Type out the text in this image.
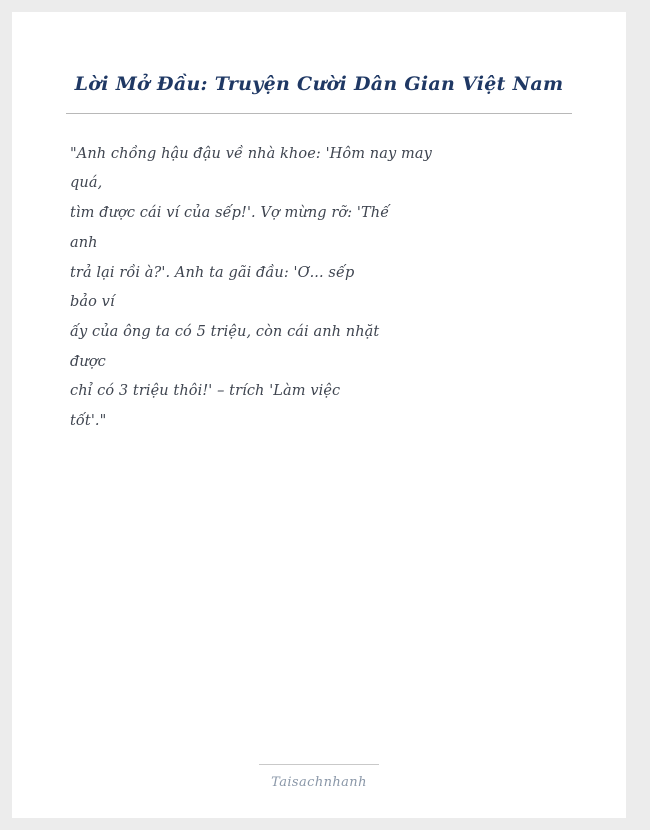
Lời Mở Đầu: Truyện Cười Dân Gian Việt Nam
"Anh chồng hậu đậu về nhà khoe: 'Hôm nay may
quá,
tìm được cái ví của sếp!'. Vợ mừng rỡ: 'Thế
anh
trả lại rồi à?'. Anh ta gãi đầu: 'Ơ... sếp
bảo ví
ấy của ông ta có 5 triệu, còn cái anh nhặt
được
chỉ có 3 triệu thôi!' – trích 'Làm việc
tốt'."
Taisachnhanh
